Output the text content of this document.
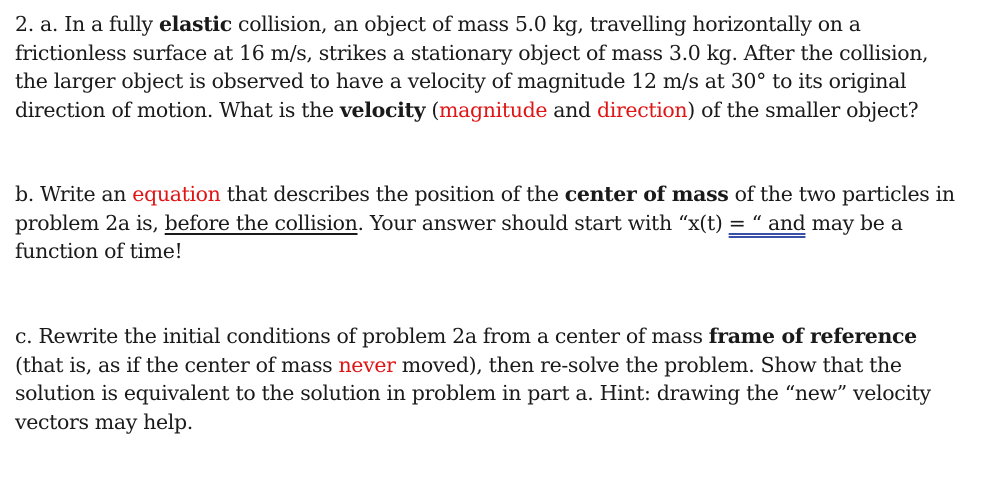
2. a. In a fully elastic collision, an object of mass 5.0 kg, travelling horizontally on a frictionless surface at 16 m/s, strikes a stationary object of mass 3.0 kg. After the collision, the larger object is observed to have a velocity of magnitude 12 m/s at 30° to its original direction of motion. What is the velocity (magnitude and direction) of the smaller object?

b. Write an equation that describes the position of the center of mass of the two particles in problem 2a is, before the collision. Your answer should start with “x(t) = “ and may be a function of time!

c. Rewrite the initial conditions of problem 2a from a center of mass frame of reference (that is, as if the center of mass never moved), then re-solve the problem. Show that the solution is equivalent to the solution in problem in part a. Hint: drawing the “new” velocity vectors may help.
